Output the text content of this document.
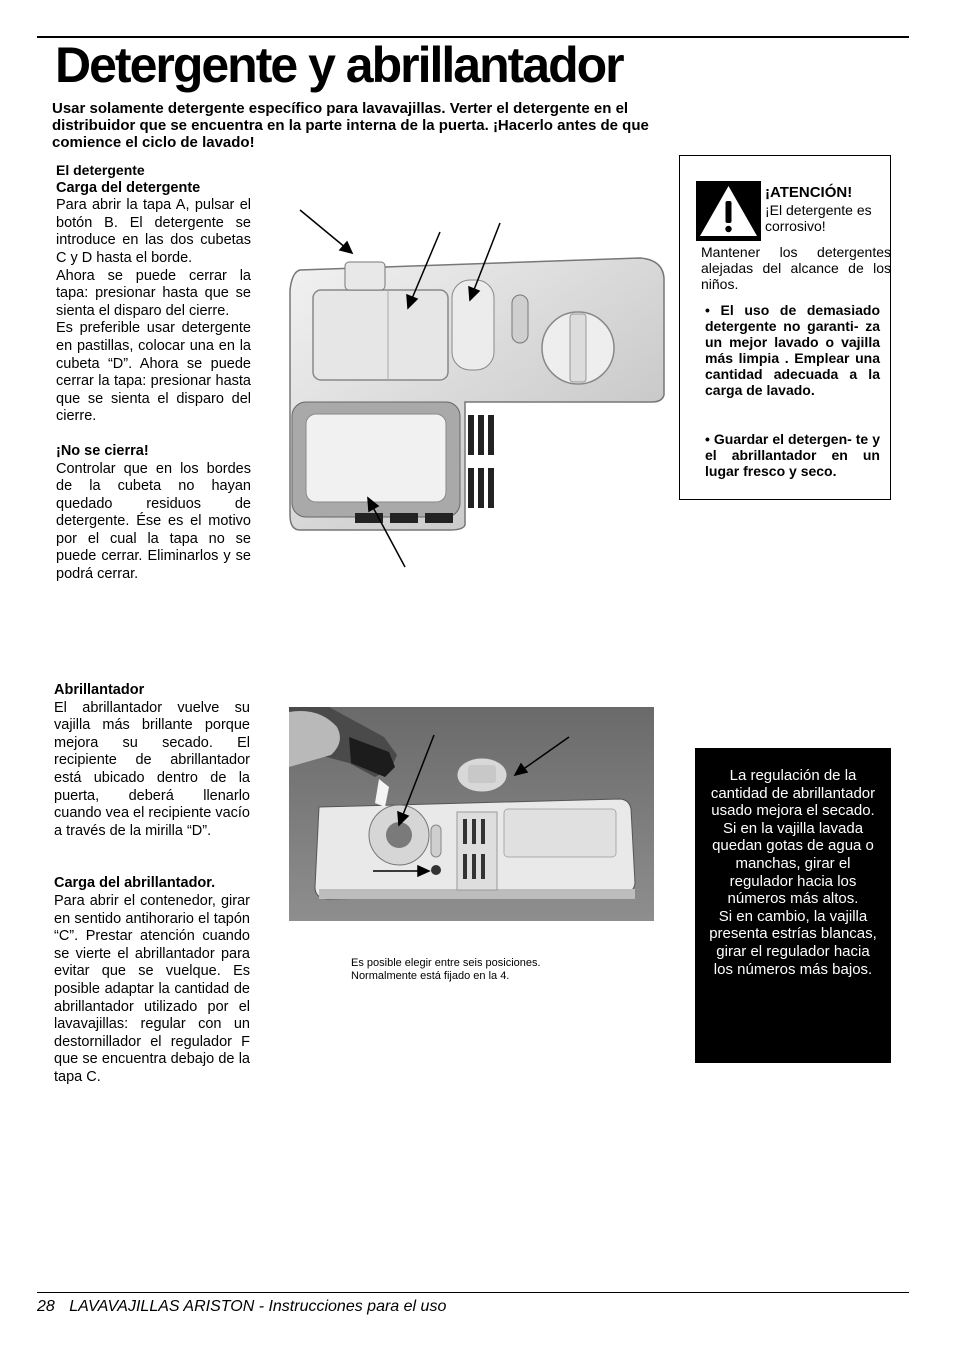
Detergente y abrillantador
Usar solamente detergente específico para lavavajillas. Verter el detergente en el distribuidor que se encuentra en la parte interna de la puerta. ¡Hacerlo antes de que comience el ciclo de lavado!
El detergente
Carga del detergente

Para abrir la tapa A, pulsar el botón B. El detergente se introduce en las dos cubetas C y D hasta el borde.

Ahora se puede cerrar la tapa: presionar hasta que se sienta el disparo del cierre.

Es preferible usar detergente en pastillas, colocar una en la cubeta “D”. Ahora se puede cerrar la tapa: presionar hasta que se sienta el disparo del cierre.

¡No se cierra!

Controlar que en los bordes de la cubeta no hayan quedado residuos de detergente. Ése es el motivo por el cual la tapa no se puede cerrar. Eliminarlos y se podrá cerrar.

¡ATENCIÓN!
¡El detergente es corrosivo!
Mantener los detergentes alejadas del alcance de los niños.
• El uso de demasiado detergente no garanti- za un mejor lavado o vajilla más limpia . Emplear una cantidad adecuada a la carga de lavado.
• Guardar el detergen- te y el abrillantador en un lugar fresco y seco.
Abrillantador

El abrillantador vuelve su vajilla más brillante porque mejora su secado. El recipiente de abrillantador está ubicado dentro de la puerta, deberá llenarlo cuando vea el recipiente vacío a través de la mirilla “D”.

Carga del abrillantador.

Para abrir el contenedor, girar en sentido antihorario el tapón “C”. Prestar atención cuando se vierte el abrillantador para evitar que se vuelque. Es posible adaptar la cantidad de abrillantador utilizado por el lavavajillas: regular con un destornillador el regulador F que se encuentra debajo de la tapa C.

Es posible elegir entre seis posiciones.
Normalmente está fijado en la 4.
La regulación de la cantidad de abrillantador usado mejora el secado.
Si en la vajilla lavada quedan gotas de agua o manchas, girar el regulador hacia los números más altos.
Si en cambio, la vajilla presenta estrías blancas, girar el regulador hacia los números más bajos.
28 LAVAVAJILLAS ARISTON - Instrucciones para el uso
